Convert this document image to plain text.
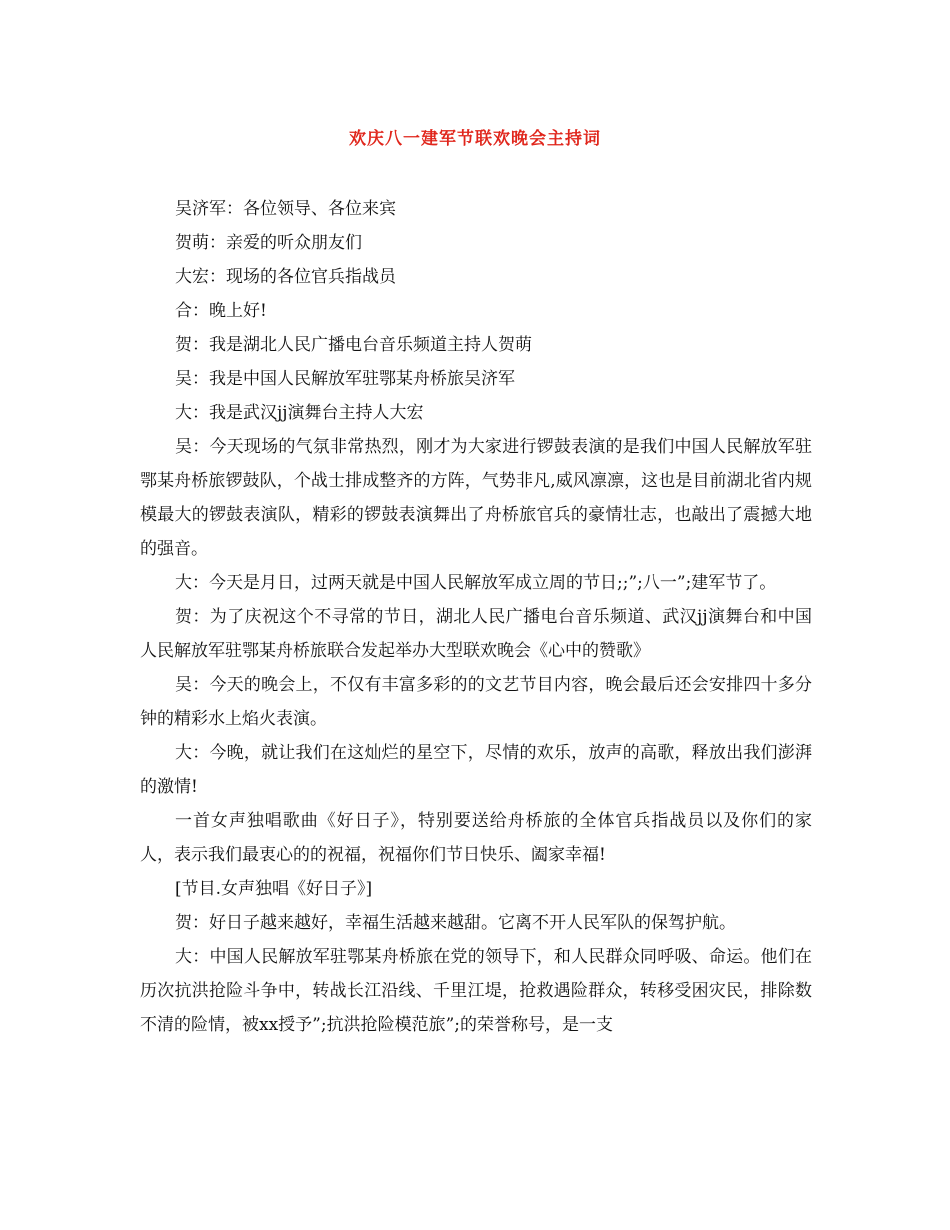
欢庆八一建军节联欢晚会主持词

吴济军：各位领导、各位来宾

贺萌：亲爱的听众朋友们

大宏：现场的各位官兵指战员

合：晚上好!

贺：我是湖北人民广播电台音乐频道主持人贺萌

吴：我是中国人民解放军驻鄂某舟桥旅吴济军

大：我是武汉jj演舞台主持人大宏

吴：今天现场的气氛非常热烈，刚才为大家进行锣鼓表演的是我们中国人民解放军驻鄂某舟桥旅锣鼓队，个战士排成整齐的方阵，气势非凡,威风凛凛，这也是目前湖北省内规模最大的锣鼓表演队，精彩的锣鼓表演舞出了舟桥旅官兵的豪情壮志，也敲出了震撼大地的强音。

大：今天是月日，过两天就是中国人民解放军成立周的节日;;”;八一”;建军节了。

贺：为了庆祝这个不寻常的节日，湖北人民广播电台音乐频道、武汉jj演舞台和中国人民解放军驻鄂某舟桥旅联合发起举办大型联欢晚会《心中的赞歌》

吴：今天的晚会上，不仅有丰富多彩的的文艺节目内容，晚会最后还会安排四十多分钟的精彩水上焰火表演。

大：今晚，就让我们在这灿烂的星空下，尽情的欢乐，放声的高歌，释放出我们澎湃的激情!

一首女声独唱歌曲《好日子》，特别要送给舟桥旅的全体官兵指战员以及你们的家人，表示我们最衷心的的祝福，祝福你们节日快乐、阖家幸福!

[节目.女声独唱《好日子》]

贺：好日子越来越好，幸福生活越来越甜。它离不开人民军队的保驾护航。

大：中国人民解放军驻鄂某舟桥旅在党的领导下，和人民群众同呼吸、命运。他们在历次抗洪抢险斗争中，转战长江沿线、千里江堤，抢救遇险群众，转移受困灾民，排除数不清的险情，被xx授予”;抗洪抢险模范旅”;的荣誉称号，是一支
